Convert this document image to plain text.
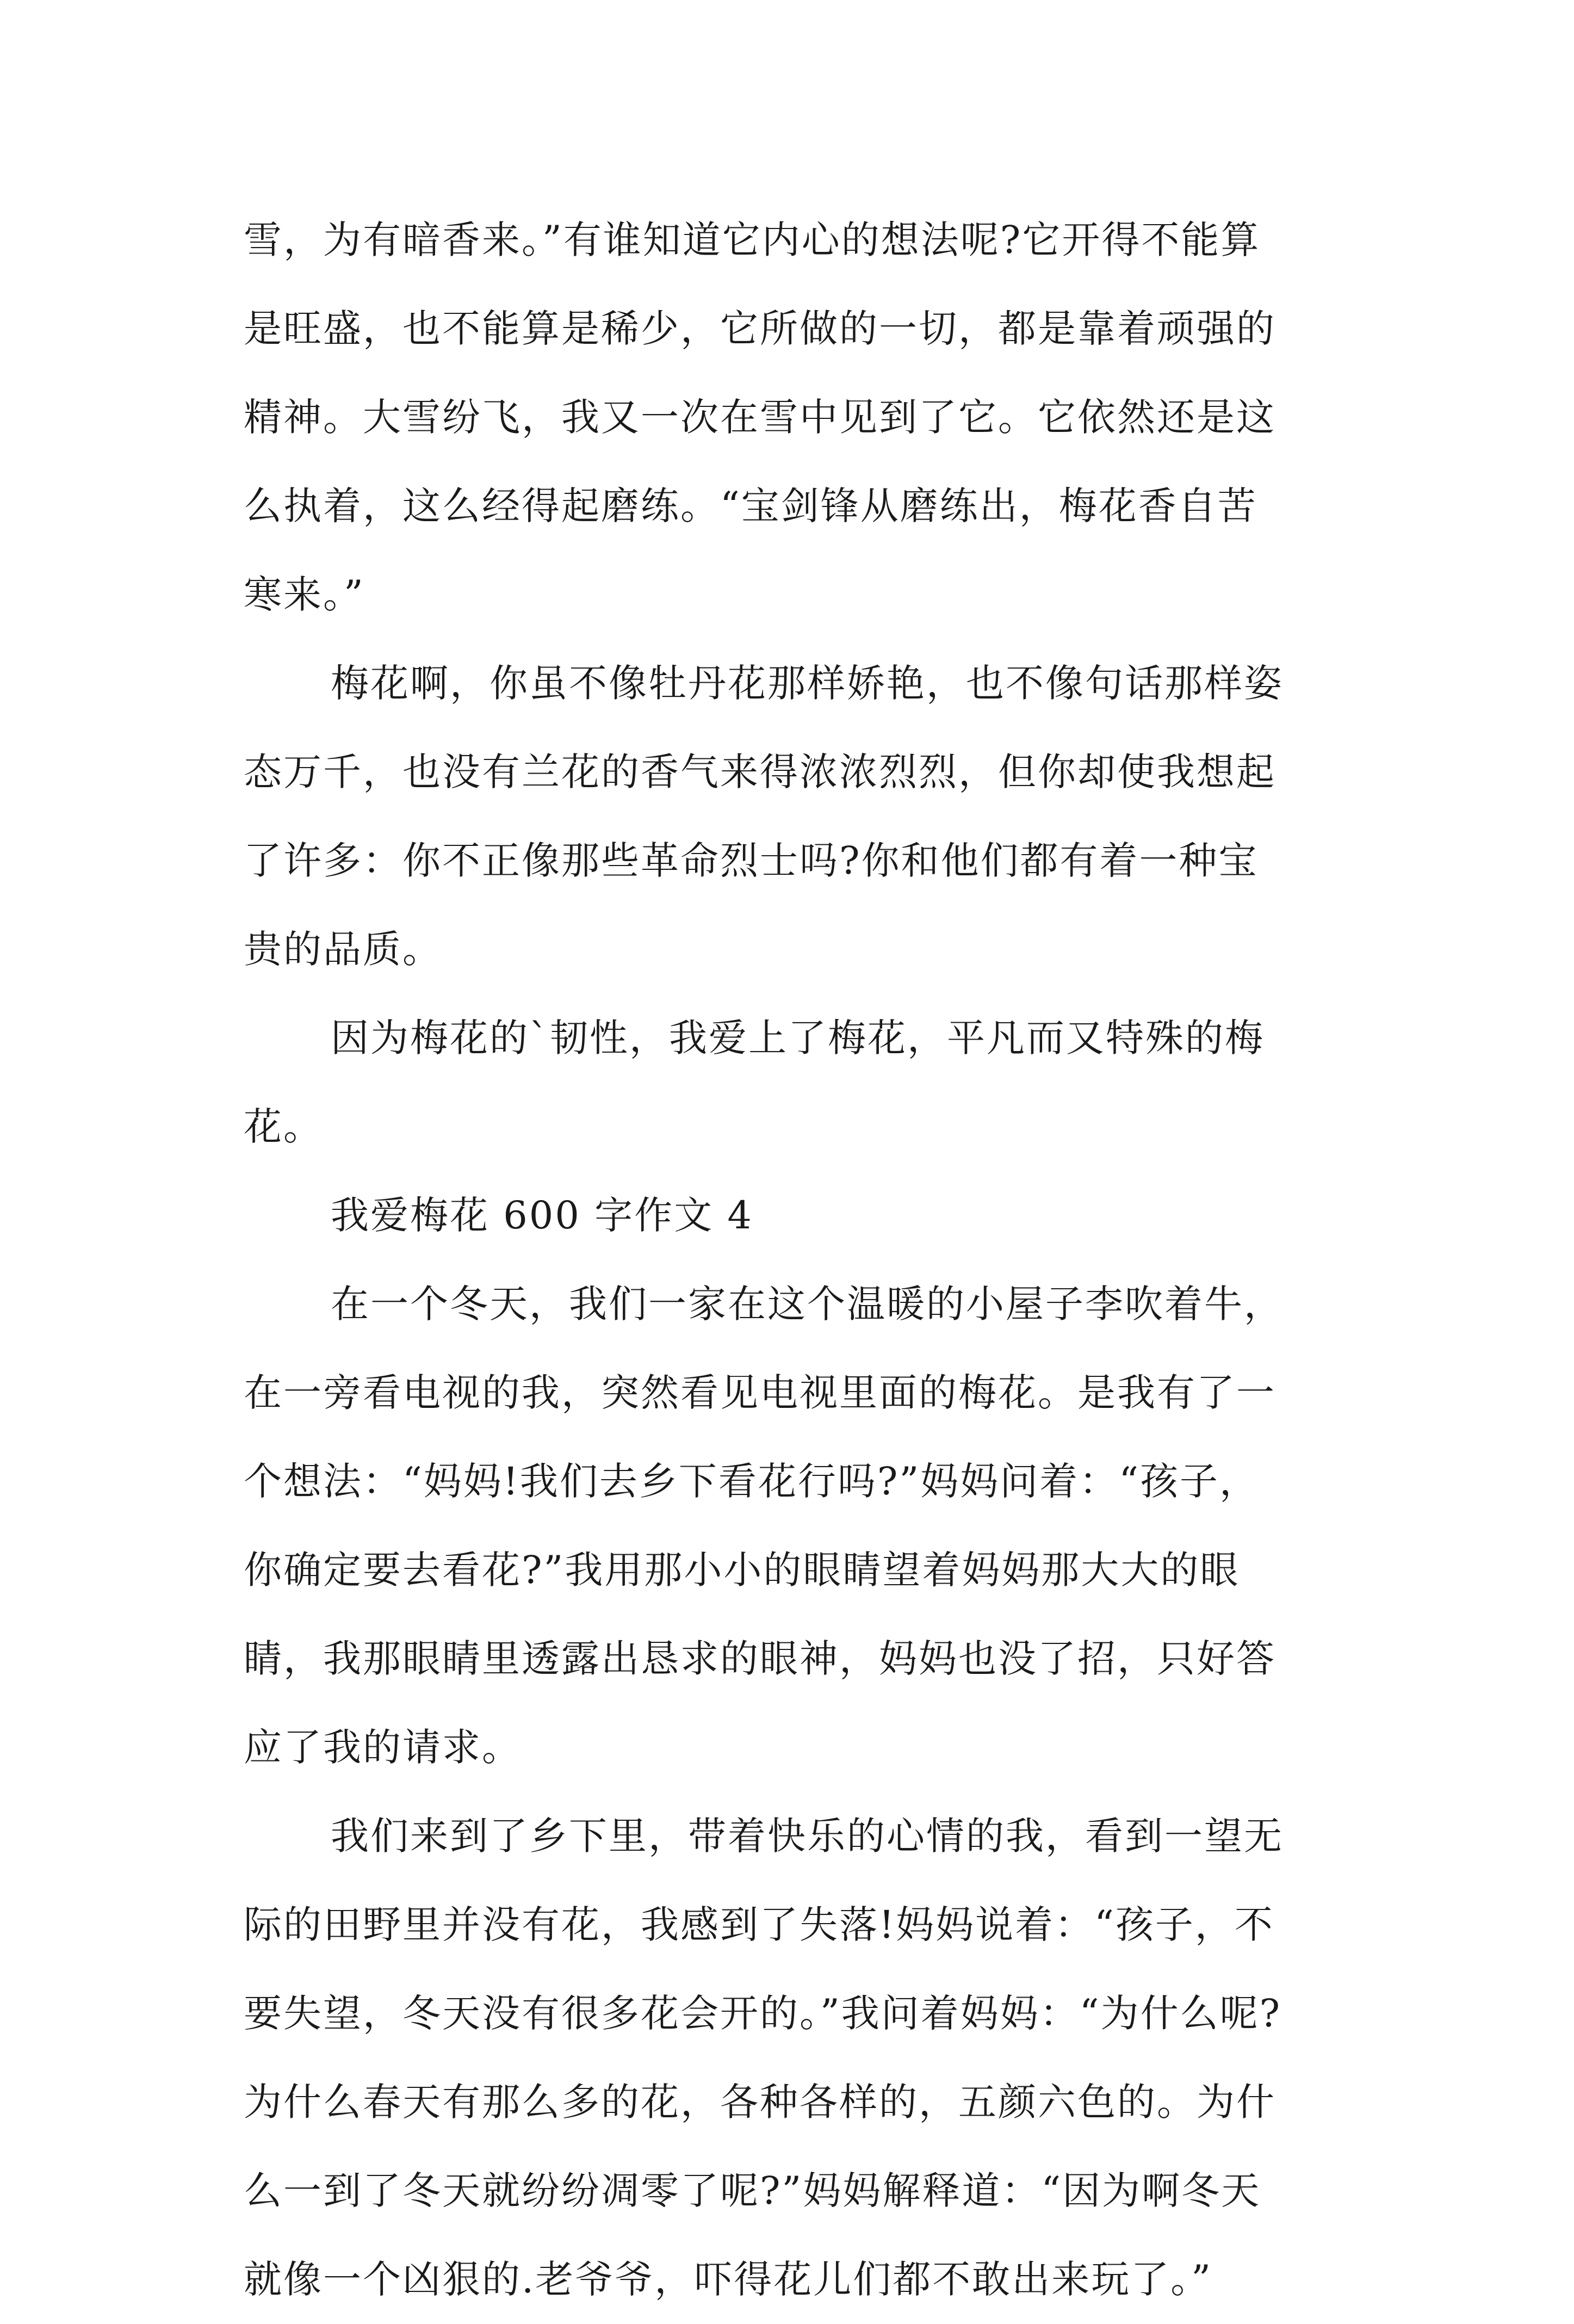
雪，为有暗香来。”有谁知道它内心的想法呢?它开得不能算
是旺盛，也不能算是稀少，它所做的一切，都是靠着顽强的
精神。大雪纷飞，我又一次在雪中见到了它。它依然还是这
么执着，这么经得起磨练。“宝剑锋从磨练出，梅花香自苦
寒来。”
梅花啊，你虽不像牡丹花那样娇艳，也不像句话那样姿
态万千，也没有兰花的香气来得浓浓烈烈，但你却使我想起
了许多：你不正像那些革命烈士吗?你和他们都有着一种宝
贵的品质。
因为梅花的`韧性，我爱上了梅花，平凡而又特殊的梅
花。
我爱梅花 600 字作文 4
在一个冬天，我们一家在这个温暖的小屋子李吹着牛，
在一旁看电视的我，突然看见电视里面的梅花。是我有了一
个想法：“妈妈!我们去乡下看花行吗?”妈妈问着：“孩子，
你确定要去看花?”我用那小小的眼睛望着妈妈那大大的眼
睛，我那眼睛里透露出恳求的眼神，妈妈也没了招，只好答
应了我的请求。
我们来到了乡下里，带着快乐的心情的我，看到一望无
际的田野里并没有花，我感到了失落!妈妈说着：“孩子，不
要失望，冬天没有很多花会开的。”我问着妈妈：“为什么呢?
为什么春天有那么多的花，各种各样的，五颜六色的。为什
么一到了冬天就纷纷凋零了呢?”妈妈解释道：“因为啊冬天
就像一个凶狠的.老爷爷，吓得花儿们都不敢出来玩了。”
